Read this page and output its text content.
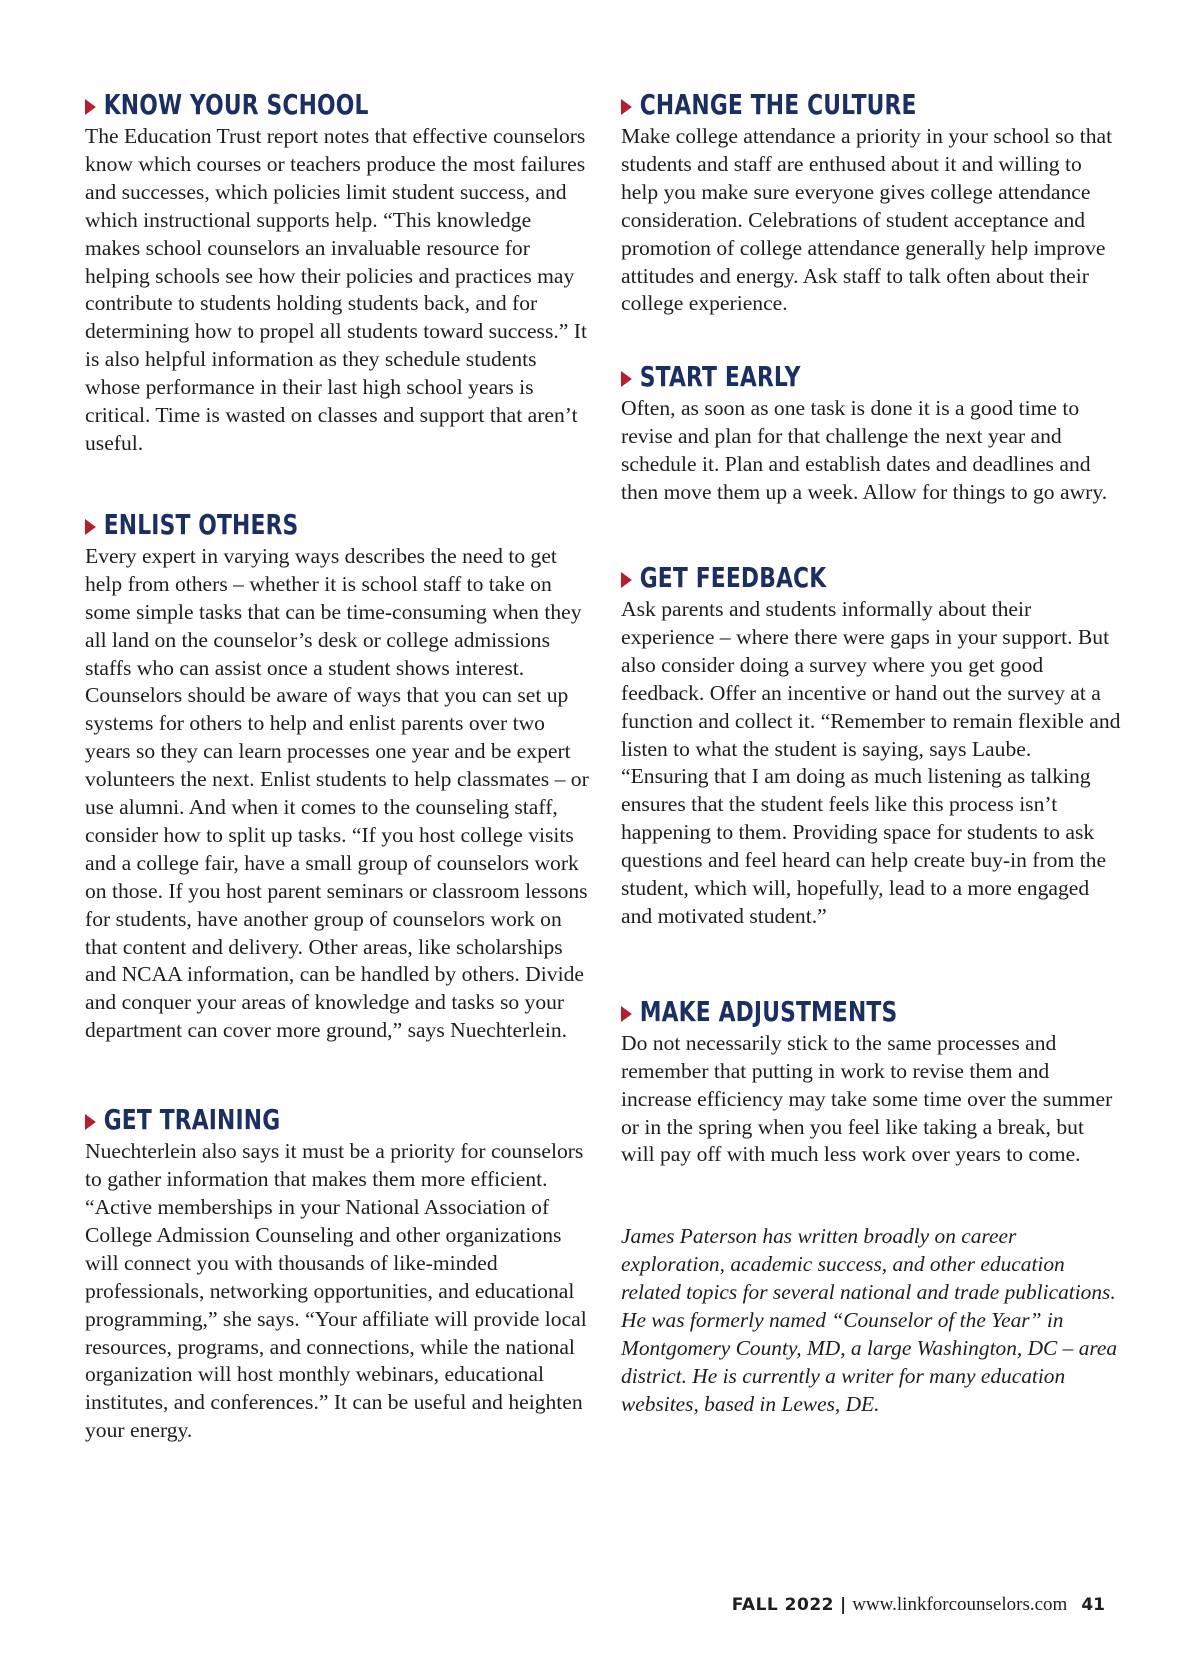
KNOW YOUR SCHOOL

The Education Trust report notes that effective counselors know which courses or teachers produce the most failures and successes, which policies limit student success, and which instructional supports help. “This knowledge makes school counselors an invaluable resource for helping schools see how their policies and practices may contribute to students holding students back, and for determining how to propel all students toward success.” It is also helpful information as they schedule students whose performance in their last high school years is critical. Time is wasted on classes and support that aren’t useful.

ENLIST OTHERS

Every expert in varying ways describes the need to get help from others – whether it is school staff to take on some simple tasks that can be time-consuming when they all land on the counselor’s desk or college admissions staffs who can assist once a student shows interest. Counselors should be aware of ways that you can set up systems for others to help and enlist parents over two years so they can learn processes one year and be expert volunteers the next. Enlist students to help classmates – or use alumni. And when it comes to the counseling staff, consider how to split up tasks. “If you host college visits and a college fair, have a small group of counselors work on those. If you host parent seminars or classroom lessons for students, have another group of counselors work on that content and delivery. Other areas, like scholarships and NCAA information, can be handled by others. Divide and conquer your areas of knowledge and tasks so your department can cover more ground,” says Nuechterlein.

GET TRAINING

Nuechterlein also says it must be a priority for counselors to gather information that makes them more efficient. “Active memberships in your National Association of College Admission Counseling and other organizations will connect you with thousands of like-minded professionals, networking opportunities, and educational programming,” she says. “Your affiliate will provide local resources, programs, and connections, while the national organization will host monthly webinars, educational institutes, and conferences.” It can be useful and heighten your energy.

CHANGE THE CULTURE

Make college attendance a priority in your school so that students and staff are enthused about it and willing to help you make sure everyone gives college attendance consideration. Celebrations of student acceptance and promotion of college attendance generally help improve attitudes and energy. Ask staff to talk often about their college experience.

START EARLY

Often, as soon as one task is done it is a good time to revise and plan for that challenge the next year and schedule it. Plan and establish dates and deadlines and then move them up a week. Allow for things to go awry.

GET FEEDBACK

Ask parents and students informally about their experience – where there were gaps in your support. But also consider doing a survey where you get good feedback. Offer an incentive or hand out the survey at a function and collect it. “Remember to remain flexible and listen to what the student is saying, says Laube. “Ensuring that I am doing as much listening as talking ensures that the student feels like this process isn’t happening to them. Providing space for students to ask questions and feel heard can help create buy-in from the student, which will, hopefully, lead to a more engaged and motivated student.”

MAKE ADJUSTMENTS

Do not necessarily stick to the same processes and remember that putting in work to revise them and increase efficiency may take some time over the summer or in the spring when you feel like taking a break, but will pay off with much less work over years to come.

James Paterson has written broadly on career exploration, academic success, and other education related topics for several national and trade publications. He was formerly named “Counselor of the Year” in Montgomery County, MD, a large Washington, DC – area district. He is currently a writer for many education websites, based in Lewes, DE.

FALL 2022 | www.linkforcounselors.com 41
